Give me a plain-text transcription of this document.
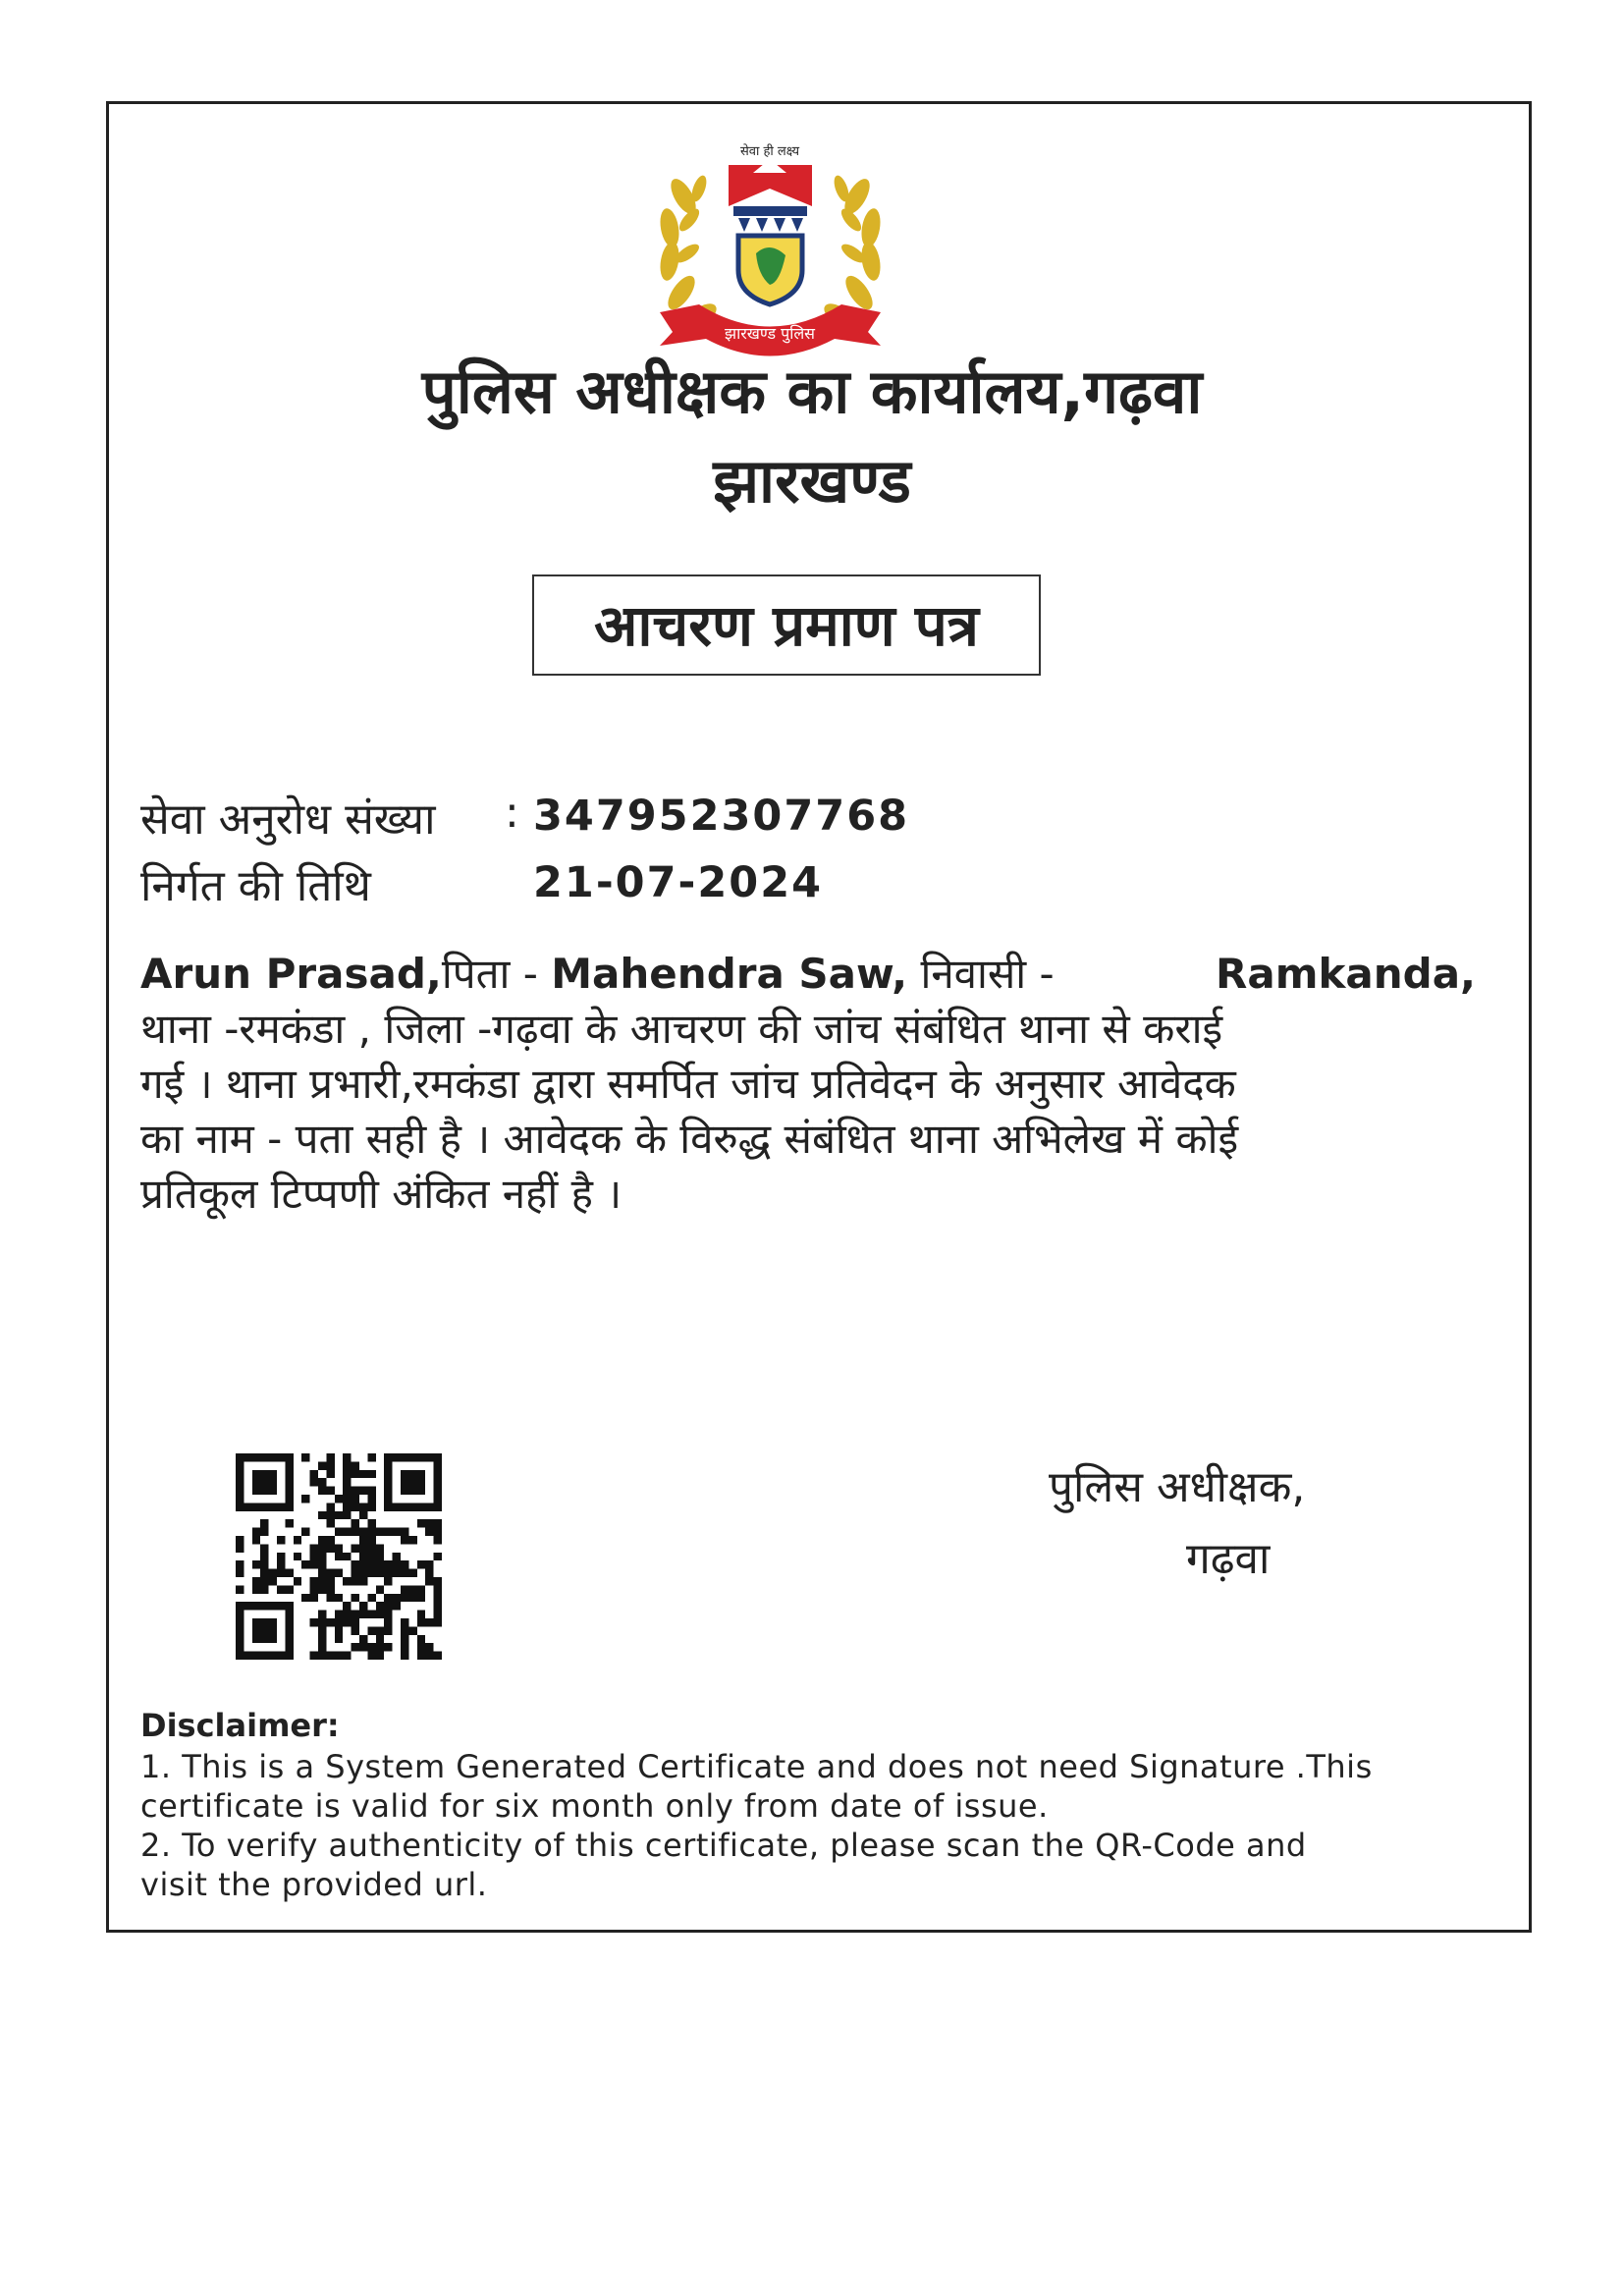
सेवा ही लक्ष्य
झारखण्ड पुलिस
पुलिस अधीक्षक का कार्यालय,गढ़वा
झारखण्ड
आचरण प्रमाण पत्र
सेवा अनुरोध संख्या : 347952307768
निर्गत की तिथि	21-07-2024
Arun Prasad,पिता - Mahendra Saw, निवासी -	Ramkanda,
थाना -रमकंडा , जिला -गढ़वा के आचरण की जांच संबंधित थाना से कराई
गई । थाना प्रभारी,रमकंडा द्वारा समर्पित जांच प्रतिवेदन के अनुसार आवेदक
का नाम - पता सही है । आवेदक के विरुद्ध संबंधित थाना अभिलेख में कोई
प्रतिकूल टिप्पणी अंकित नहीं है ।
पुलिस अधीक्षक,
गढ़वा
Disclaimer:
1. This is a System Generated Certificate and does not need Signature .This
certificate is valid for six month only from date of issue.
2. To verify authenticity of this certificate, please scan the QR-Code and
visit the provided url.
